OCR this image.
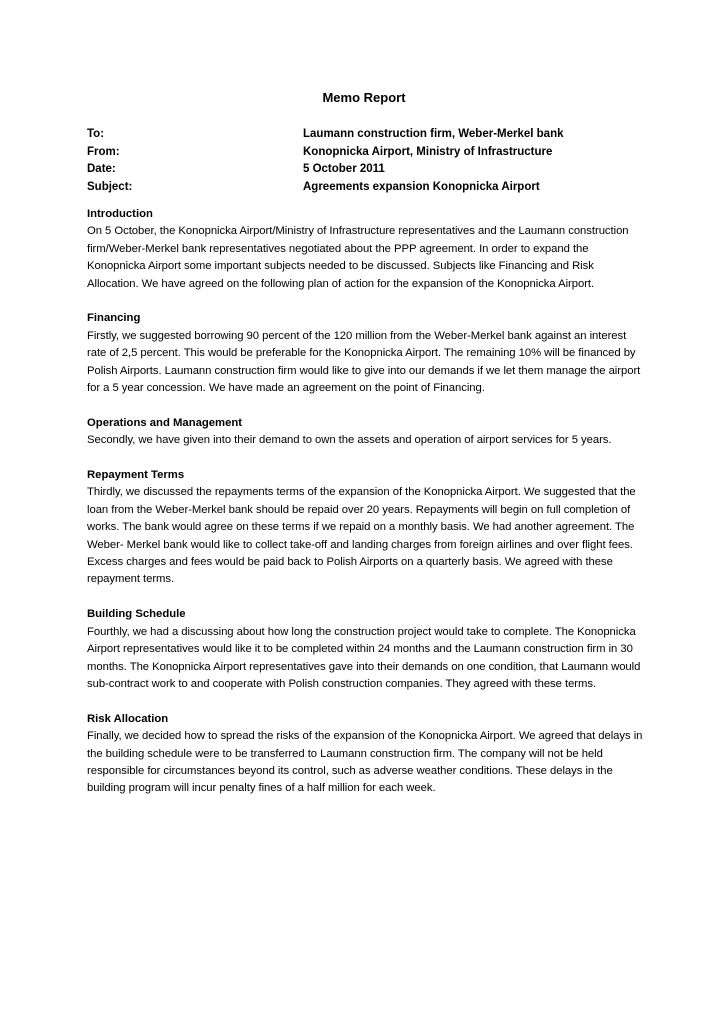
Memo Report
To:	Laumann construction firm, Weber-Merkel bank
From:	Konopnicka Airport, Ministry of Infrastructure
Date:	5 October 2011
Subject:	Agreements expansion Konopnicka Airport
Introduction
On 5 October, the Konopnicka Airport/Ministry of Infrastructure representatives and the Laumann construction firm/Weber-Merkel bank representatives negotiated about the PPP agreement. In order to expand the Konopnicka Airport some important subjects needed to be discussed. Subjects like Financing and Risk Allocation. We have agreed on the following plan of action for the expansion of the Konopnicka Airport.
Financing
Firstly, we suggested borrowing 90 percent of the 120 million from the Weber-Merkel bank against an interest rate of 2,5 percent. This would be preferable for the Konopnicka Airport. The remaining 10% will be financed by Polish Airports. Laumann construction firm would like to give into our demands if we let them manage the airport for a 5 year concession. We have made an agreement on the point of Financing.
Operations and Management
Secondly, we have given into their demand to own the assets and operation of airport services for 5 years.
Repayment Terms
Thirdly, we discussed the repayments terms of the expansion of the Konopnicka Airport. We suggested that the loan from the Weber-Merkel bank should be repaid over 20 years. Repayments will begin on full completion of works. The bank would agree on these terms if we repaid on a monthly basis. We had another agreement. The Weber- Merkel bank would like to collect take-off and landing charges from foreign airlines and over flight fees. Excess charges and fees would be paid back to Polish Airports on a quarterly basis. We agreed with these repayment terms.
Building Schedule
Fourthly, we had a discussing about how long the construction project would take to complete. The Konopnicka Airport representatives would like it to be completed within 24 months and the Laumann construction firm in 30 months. The Konopnicka Airport representatives gave into their demands on one condition, that Laumann would sub-contract work to and cooperate with Polish construction companies. They agreed with these terms.
Risk Allocation
Finally, we decided how to spread the risks of the expansion of the Konopnicka Airport. We agreed that delays in the building schedule were to be transferred to Laumann construction firm. The company will not be held responsible for circumstances beyond its control, such as adverse weather conditions. These delays in the building program will incur penalty fines of a half million for each week.
